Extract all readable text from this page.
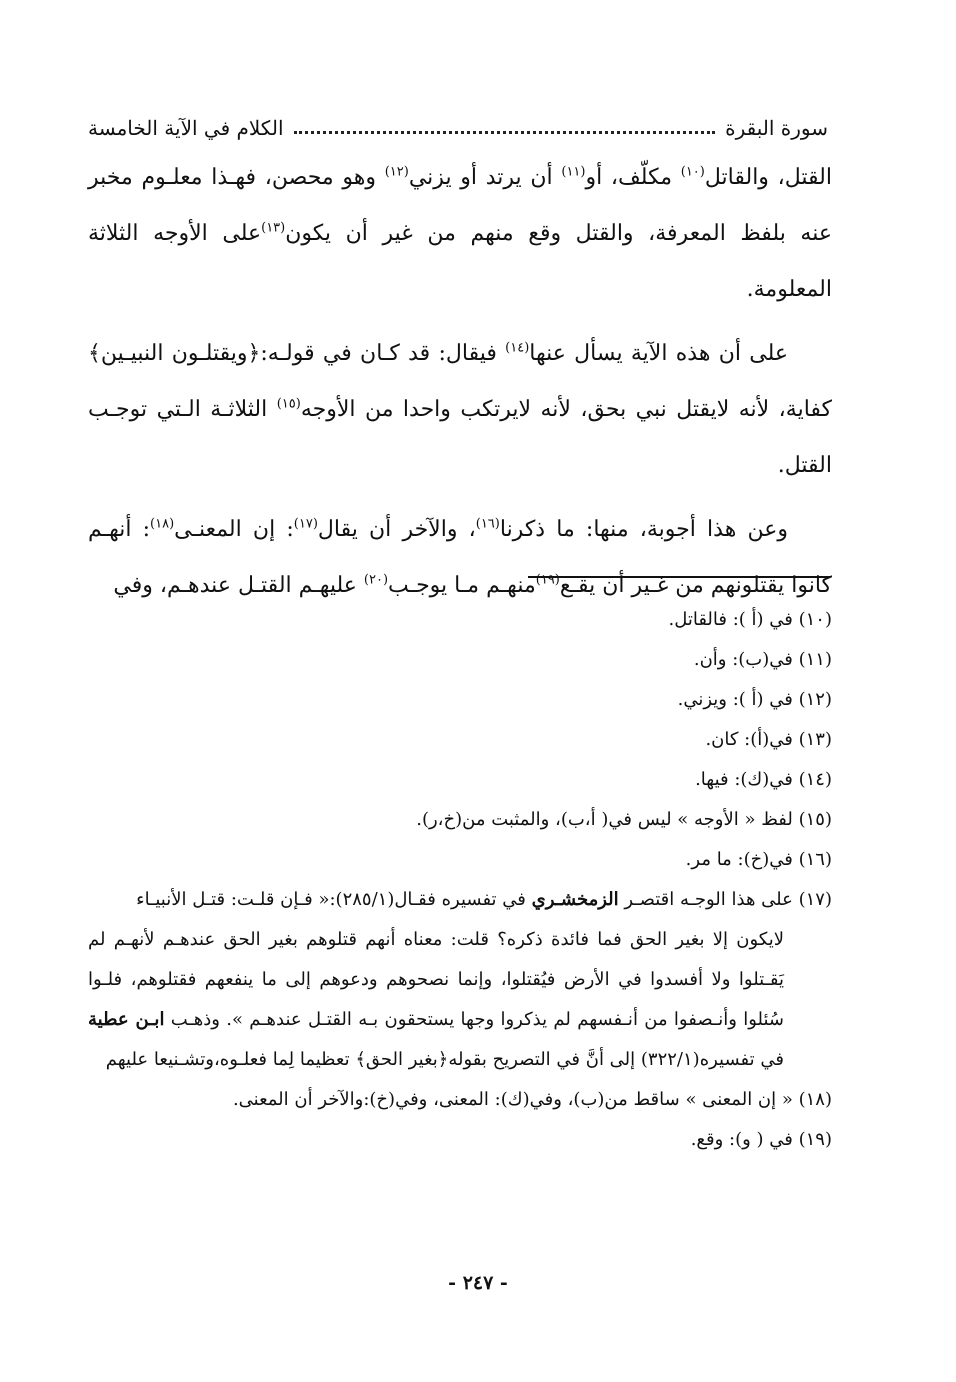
سورة البقرة
الكلام في الآية الخامسة

القتل، والقاتل$^{(١٠)}$ مكلّف، أو$^{(١١)}$ أن يرتد أو يزني$^{(١٢)}$ وهو محصن، فهـذا معلـوم مخبر عنه بلفظ المعرفة، والقتل وقع منهم من غير أن يكون$^{(١٣)}$على الأوجه الثلاثة المعلومة.

على أن هذه الآية يسأل عنها$^{(١٤)}$ فيقال: قد كـان في قولـه:﴿ويقتلـون النبيـين﴾ كفاية، لأنه لايقتل نبي بحق، لأنه لايرتكب واحدا من الأوجه$^{(١٥)}$ الثلاثـة الـتي توجـب القتل.

وعن هذا أجوبة، منها: ما ذكرنا$^{(١٦)}$، والآخر أن يقال$^{(١٧)}$: إن المعنـى$^{(١٨)}$: أنهـم كانوا يقتلونهم من غـير أن يقـع$^{(١٩)}$منهـم مـا يوجـب$^{(٢٠)}$ عليهـم القتـل عندهـم، وفي

(١٠) في (أ ): فالقاتل.
(١١) في(ب): وأن.
(١٢) في (أ ): ويزني.
(١٣) في(أ): كان.
(١٤) في(ك): فيها.
(١٥) لفظ « الأوجه » ليس في( أ،ب)، والمثبت من(خ،ر).
(١٦) في(خ): ما مر.
(١٧) على هذا الوجـه اقتصـر الزمخشـري في تفسيره فقـال(٢٨٥/١):« فـإن قلـت: قتـل الأنبيـاء
لايكون إلا بغير الحق فما فائدة ذكره؟ قلت: معناه أنهم قتلوهم بغير الحق عندهـم لأنهـم لم يَقـتلوا ولا أفسدوا في الأرض فيُقتلوا، وإنما نصحوهم ودعوهم إلى ما ينفعهم فقتلوهم، فلـوا سُئلوا وأنـصفوا من أنـفسهم لم يذكروا وجها يستحقون بـه القتـل عندهـم ». وذهـب ابـن عطية في تفسيره(٣٢٢/١) إلى أنَّ في التصريح بقوله﴿بغير الحق﴾ تعظيما لِما فعلـوه،وتشـنيعا عليهم
(١٨) « إن المعنى » ساقط من(ب)، وفي(ك): المعنى، وفي(خ):والآخر أن المعنى.
(١٩) في ( و): وقع.
- ٢٤٧ -
